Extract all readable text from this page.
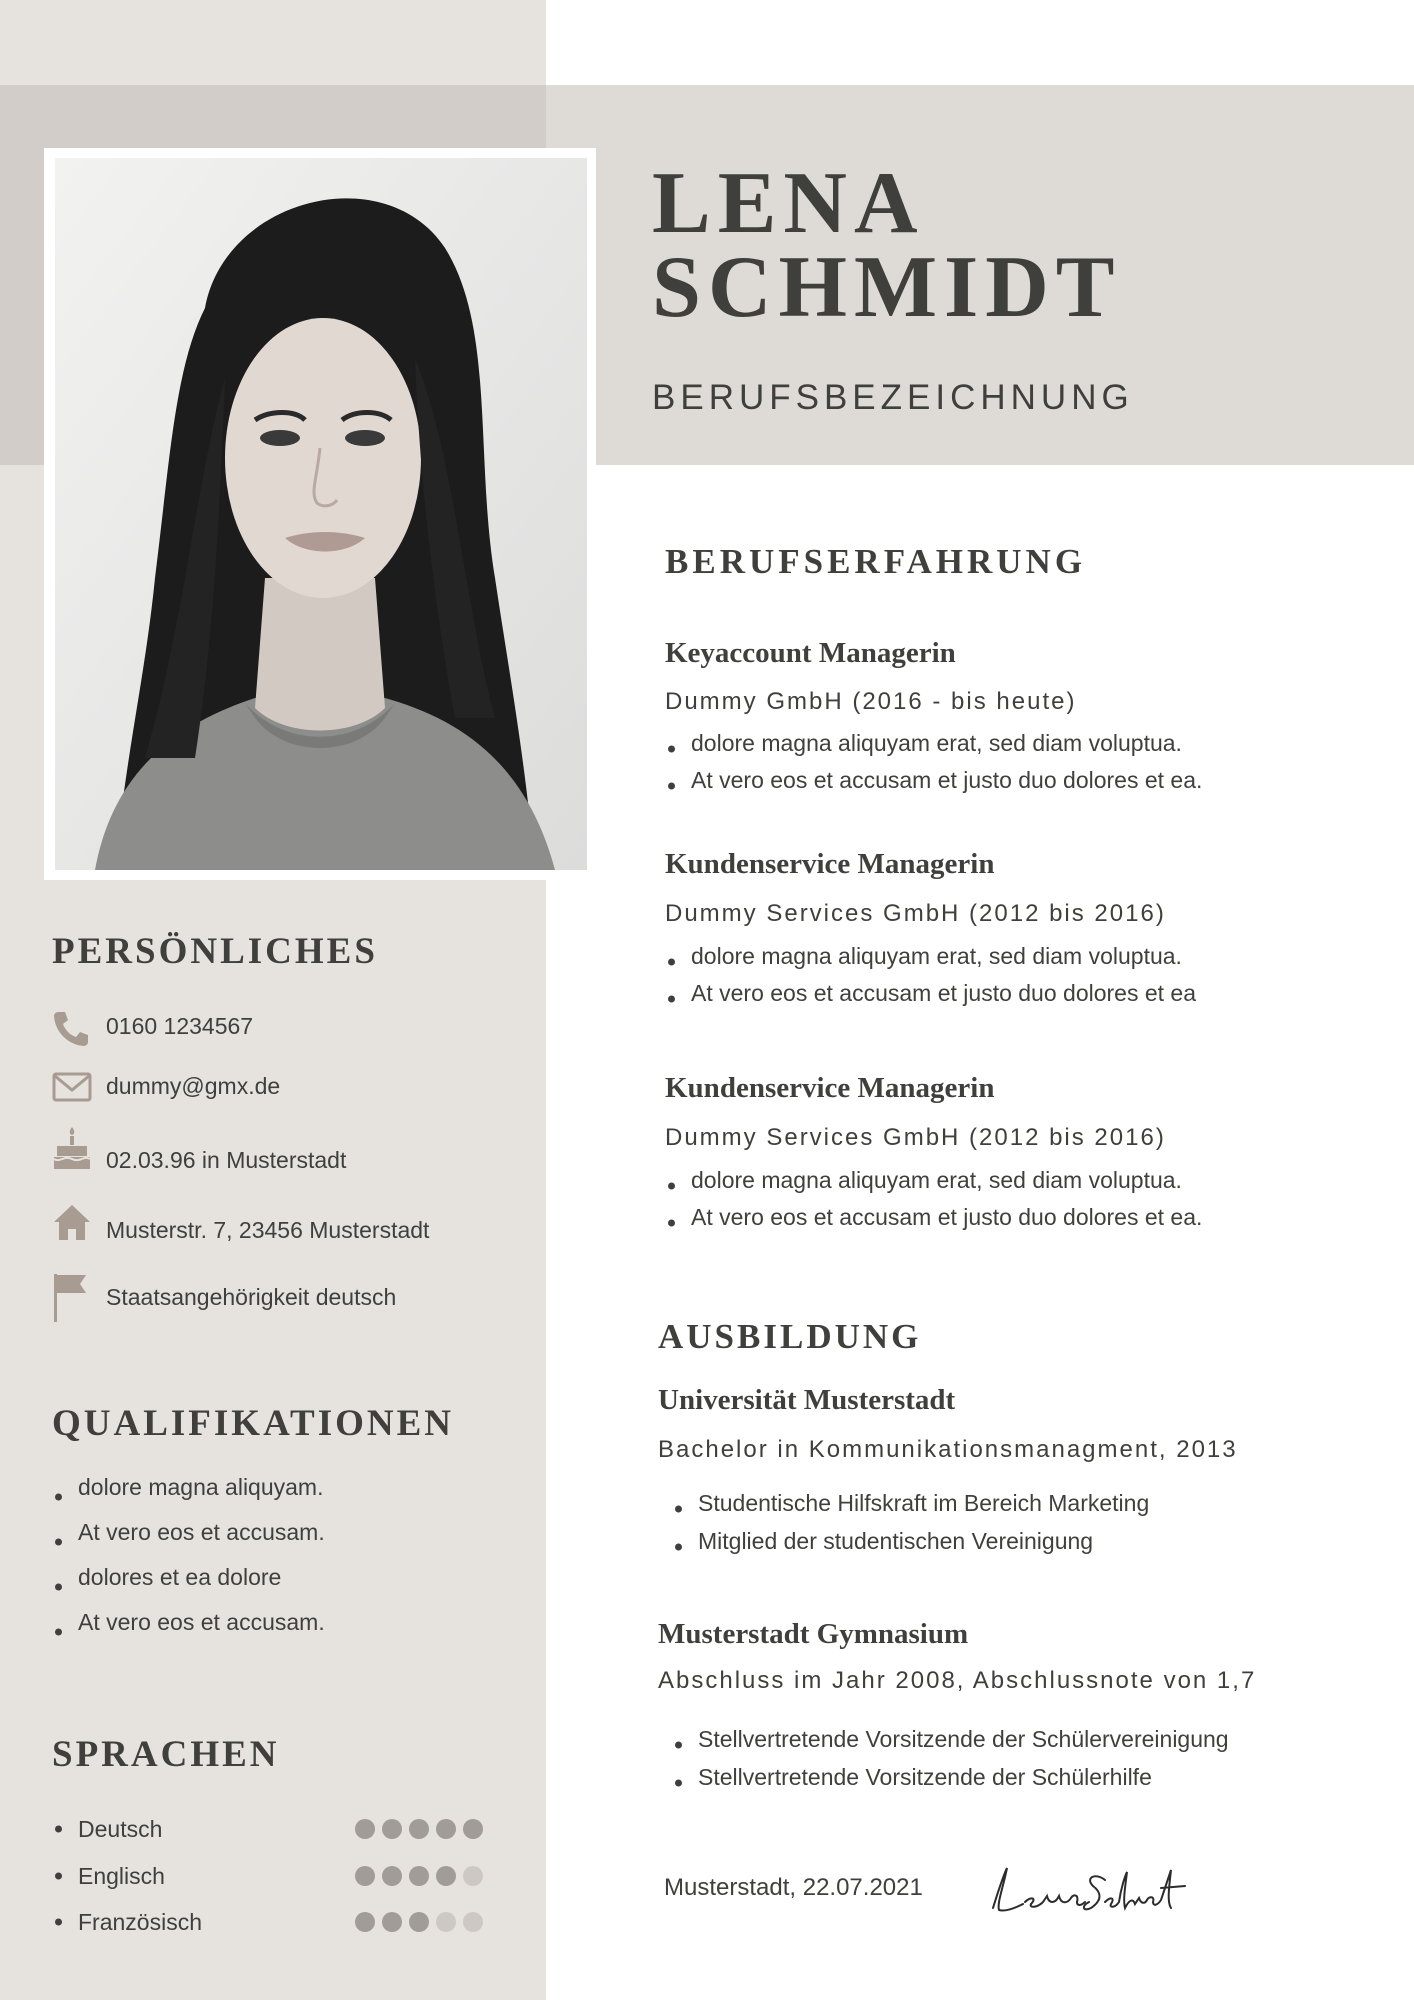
LENA
SCHMIDT
BERUFSBEZEICHNUNG
PERSÖNLICHES
0160 1234567
dummy@gmx.de
02.03.96 in Musterstadt
Musterstr. 7, 23456 Musterstadt
Staatsangehörigkeit deutsch
QUALIFIKATIONEN
dolore magna aliquyam.
At vero eos et accusam.
dolores et ea dolore
At vero eos et accusam.
SPRACHEN
Deutsch
Englisch
Französisch
BERUFSERFAHRUNG
Keyaccount Managerin
Dummy GmbH (2016 - bis heute)
dolore magna aliquyam erat, sed diam voluptua.
At vero eos et accusam et justo duo dolores et ea.
Kundenservice Managerin
Dummy Services GmbH (2012 bis 2016)
dolore magna aliquyam erat, sed diam voluptua.
At vero eos et accusam et justo duo dolores et ea
Kundenservice Managerin
Dummy Services GmbH (2012 bis 2016)
dolore magna aliquyam erat, sed diam voluptua.
At vero eos et accusam et justo duo dolores et ea.
AUSBILDUNG
Universität Musterstadt
Bachelor in Kommunikationsmanagment, 2013
Studentische Hilfskraft im Bereich Marketing
Mitglied der studentischen Vereinigung
Musterstadt Gymnasium
Abschluss im Jahr 2008, Abschlussnote von 1,7
Stellvertretende Vorsitzende der Schülervereinigung
Stellvertretende Vorsitzende der Schülerhilfe
Musterstadt, 22.07.2021
